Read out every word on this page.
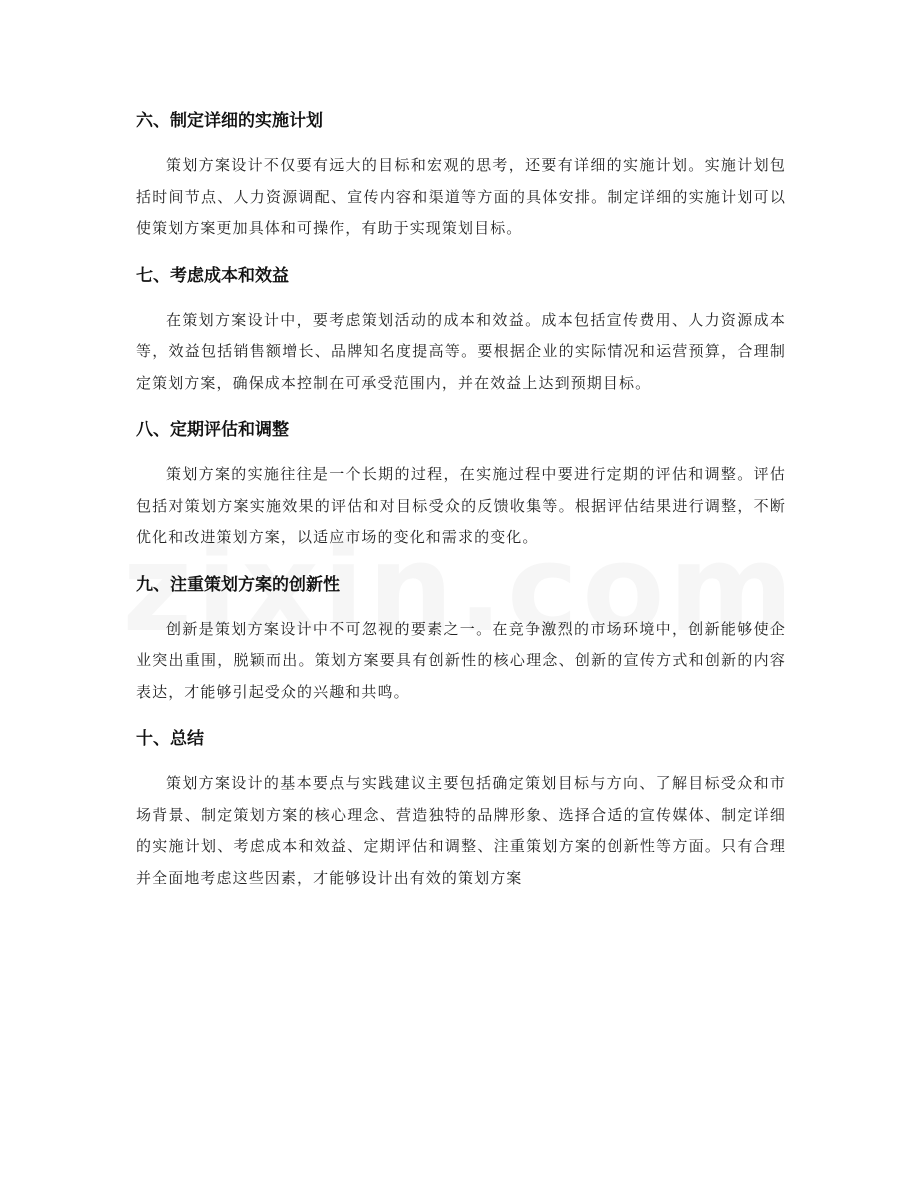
六、制定详细的实施计划

策划方案设计不仅要有远大的目标和宏观的思考，还要有详细的实施计划。实施计划包括时间节点、人力资源调配、宣传内容和渠道等方面的具体安排。制定详细的实施计划可以使策划方案更加具体和可操作，有助于实现策划目标。

七、考虑成本和效益

在策划方案设计中，要考虑策划活动的成本和效益。成本包括宣传费用、人力资源成本等，效益包括销售额增长、品牌知名度提高等。要根据企业的实际情况和运营预算，合理制定策划方案，确保成本控制在可承受范围内，并在效益上达到预期目标。

八、定期评估和调整

策划方案的实施往往是一个长期的过程，在实施过程中要进行定期的评估和调整。评估包括对策划方案实施效果的评估和对目标受众的反馈收集等。根据评估结果进行调整，不断优化和改进策划方案，以适应市场的变化和需求的变化。

九、注重策划方案的创新性

创新是策划方案设计中不可忽视的要素之一。在竞争激烈的市场环境中，创新能够使企业突出重围，脱颖而出。策划方案要具有创新性的核心理念、创新的宣传方式和创新的内容表达，才能够引起受众的兴趣和共鸣。

十、总结

策划方案设计的基本要点与实践建议主要包括确定策划目标与方向、了解目标受众和市场背景、制定策划方案的核心理念、营造独特的品牌形象、选择合适的宣传媒体、制定详细的实施计划、考虑成本和效益、定期评估和调整、注重策划方案的创新性等方面。只有合理并全面地考虑这些因素，才能够设计出有效的策划方案
